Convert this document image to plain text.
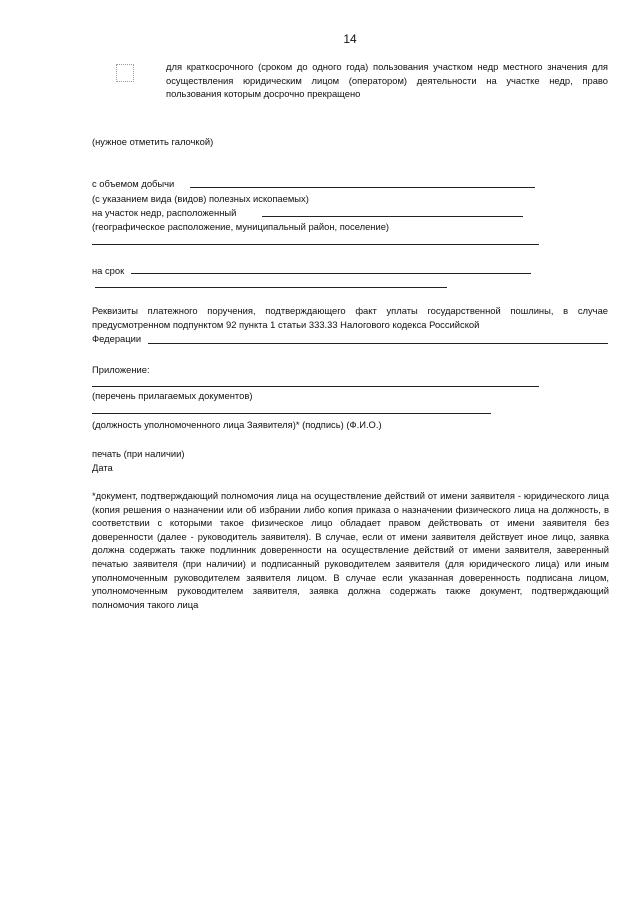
14
для краткосрочного (сроком до одного года) пользования участком недр местного значения для осуществления юридическим лицом (оператором) деятельности на участке недр, право пользования которым досрочно прекращено
(нужное отметить галочкой)
с объемом добычи
(с указанием вида (видов) полезных ископаемых)
на участок недр, расположенный
(географическое расположение, муниципальный район, поселение)
на срок
Реквизиты платежного поручения, подтверждающего факт уплаты государственной пошлины, в случае предусмотренном подпунктом 92 пункта 1 статьи 333.33 Налогового кодекса Российской
Федерации
Приложение:
(перечень прилагаемых документов)
(должность уполномоченного лица Заявителя)* (подпись) (Ф.И.О.)
печать (при наличии)
Дата
*документ, подтверждающий полномочия лица на осуществление действий от имени заявителя - юридического лица (копия решения о назначении или об избрании либо копия приказа о назначении физического лица на должность, в соответствии с которыми такое физическое лицо обладает правом действовать от имени заявителя без доверенности (далее - руководитель заявителя). В случае, если от имени заявителя действует иное лицо, заявка должна содержать также подлинник доверенности на осуществление действий от имени заявителя, заверенный печатью заявителя (при наличии) и подписанный руководителем заявителя (для юридического лица) или иным уполномоченным руководителем заявителя лицом. В случае если указанная доверенность подписана лицом, уполномоченным руководителем заявителя, заявка должна содержать также документ, подтверждающий полномочия такого лица
